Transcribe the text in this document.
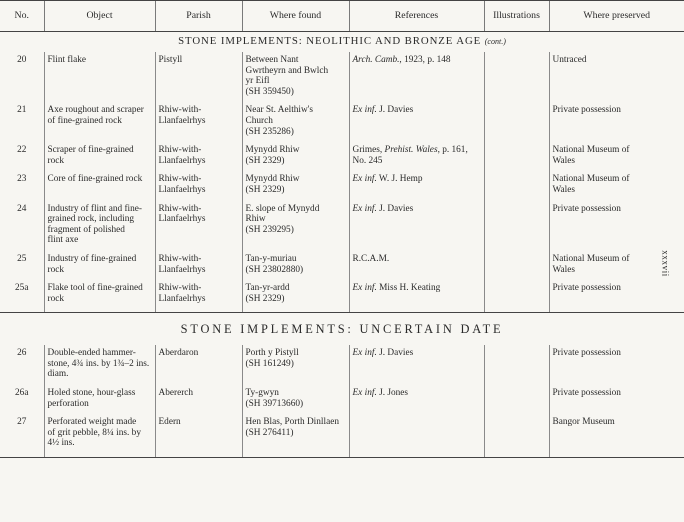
No.	Object	Parish	Where found	References	Illustrations	Where preserved
STONE IMPLEMENTS: NEOLITHIC AND BRONZE AGE (cont.)						
20	Flint flake	Pistyll	Between Nant
Gwrtheyrn and Bwlch
yr Eifl
(SH 359450)	Arch. Camb., 1923, p. 148		Untraced
21	Axe roughout and scraper
of fine-grained rock	Rhiw-with-
Llanfaelrhys	Near St. Aelthiw's
Church
(SH 235286)	Ex inf. J. Davies		Private possession
22	Scraper of fine-grained
rock	Rhiw-with-
Llanfaelrhys	Mynydd Rhiw
(SH 2329)	Grimes, Prehist. Wales, p. 161,
No. 245		National Museum of
Wales
23	Core of fine-grained rock	Rhiw-with-
Llanfaelrhys	Mynydd Rhiw
(SH 2329)	Ex inf. W. J. Hemp		National Museum of
Wales
24	Industry of flint and fine-
grained rock, including
fragment of polished
flint axe	Rhiw-with-
Llanfaelrhys	E. slope of Mynydd
Rhiw
(SH 239295)	Ex inf. J. Davies		Private possession
25	Industry of fine-grained
rock	Rhiw-with-
Llanfaelrhys	Tan-y-muriau
(SH 23802880)	R.C.A.M.		National Museum of
Wales
25a	Flake tool of fine-grained
rock	Rhiw-with-
Llanfaelrhys	Tan-yr-ardd
(SH 2329)	Ex inf. Miss H. Keating		Private possession
STONE IMPLEMENTS: UNCERTAIN DATE						
26	Double-ended hammer-
stone, 4¾ ins. by 1¾–2 ins.
diam.	Aberdaron	Porth y Pistyll
(SH 161249)	Ex inf. J. Davies		Private possession
26a	Holed stone, hour-glass
perforation	Abererch	Ty-gwyn
(SH 39713660)	Ex inf. J. Jones		Private possession
27	Perforated weight made
of grit pebble, 8¼ ins. by
4½ ins.	Edern	Hen Blas, Porth Dinllaen
(SH 276411)			Bangor Museum
xxxvii
